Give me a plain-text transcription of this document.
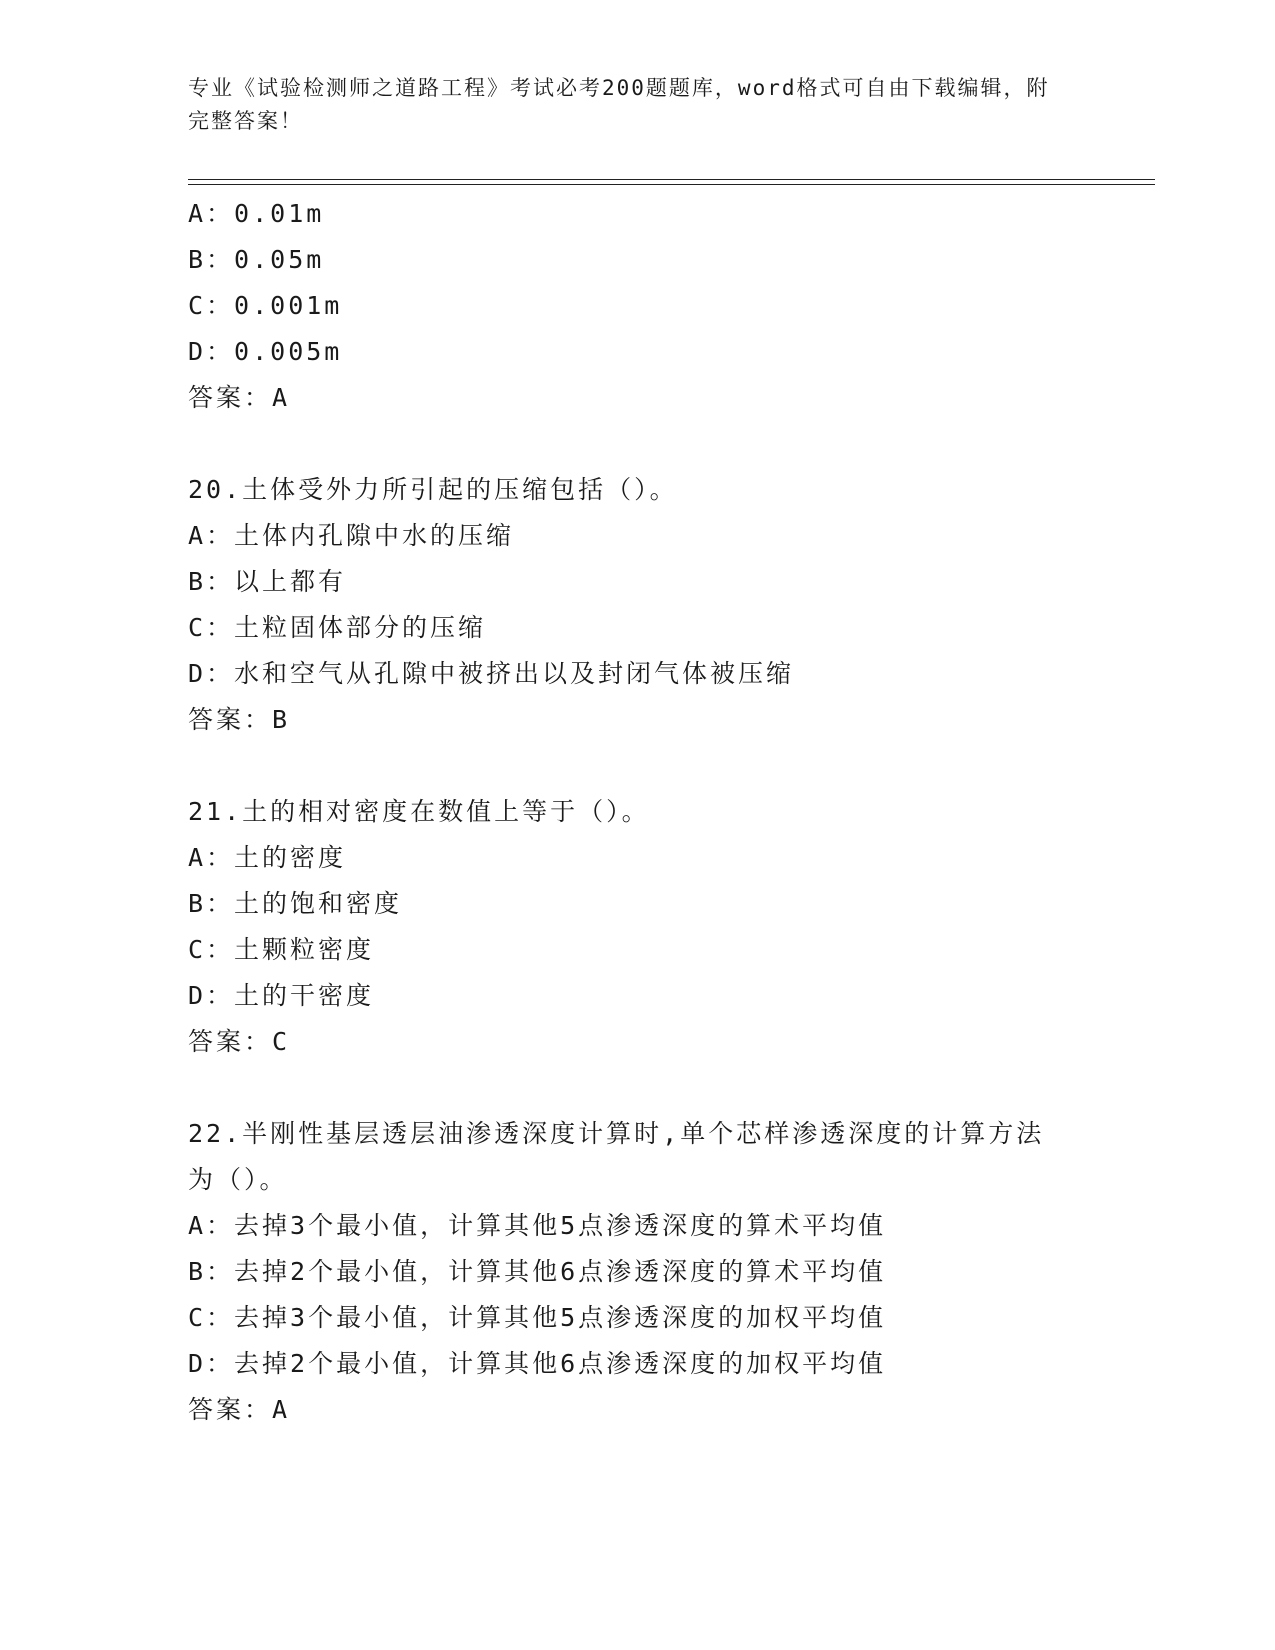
专业《试验检测师之道路工程》考试必考200题题库，word格式可自由下载编辑，附完整答案！
A：0.01m
B：0.05m
C：0.001m
D：0.005m
答案：A
20.土体受外力所引起的压缩包括（）。
A：土体内孔隙中水的压缩
B：以上都有
C：土粒固体部分的压缩
D：水和空气从孔隙中被挤出以及封闭气体被压缩
答案：B
21.土的相对密度在数值上等于（）。
A：土的密度
B：土的饱和密度
C：土颗粒密度
D：土的干密度
答案：C
22.半刚性基层透层油渗透深度计算时,单个芯样渗透深度的计算方法为（）。
A：去掉3个最小值，计算其他5点渗透深度的算术平均值
B：去掉2个最小值，计算其他6点渗透深度的算术平均值
C：去掉3个最小值，计算其他5点渗透深度的加权平均值
D：去掉2个最小值，计算其他6点渗透深度的加权平均值
答案：A
